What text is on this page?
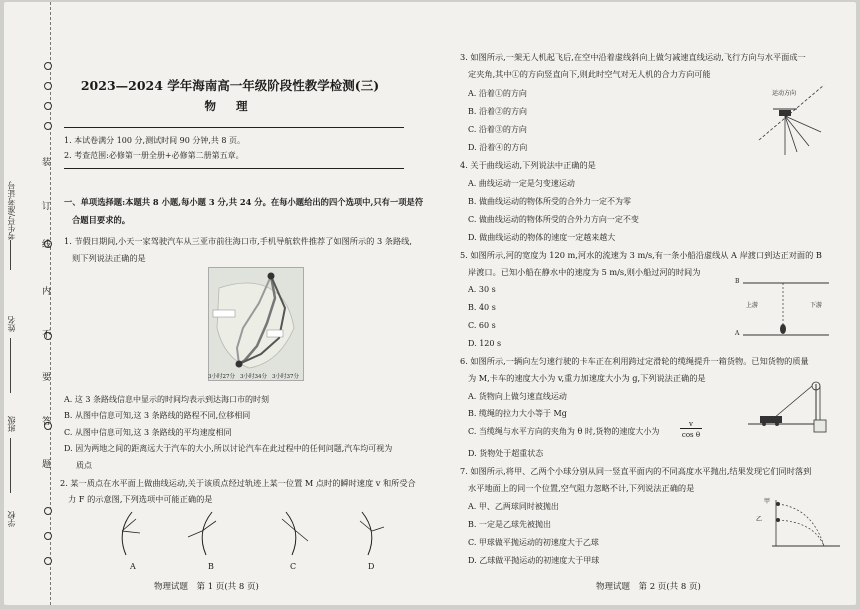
装
订
线
内
不
要
答
题
考生号/准考证号
姓名
班级
学校
2023—2024 学年海南高一年级阶段性教学检测(三)
物 理

1. 本试卷满分 100 分,测试时间 90 分钟,共 8 页。

2. 考查范围:必修第一册全册+必修第二册第五章。

一、单项选择题:本题共 8 小题,每小题 3 分,共 24 分。在每小题给出的四个选项中,只有一项是符
合题目要求的。
1. 节假日期间,小天一家驾驶汽车从三亚市前往海口市,手机导航软件推荐了如图所示的 3 条路线,
则下列说法正确的是
3小时27分 3小时34分 3小时37分
A. 这 3 条路线信息中显示的时间均表示到达海口市的时刻
B. 从图中信息可知,这 3 条路线的路程不同,位移相同
C. 从图中信息可知,这 3 条路线的平均速度相同
D. 因为两地之间的距离远大于汽车的大小,所以讨论汽车在此过程中的任何问题,汽车均可视为
质点
2. 某一质点在水平面上做曲线运动,关于该质点经过轨迹上某一位置 M 点时的瞬时速度 v 和所受合
力 F 的示意图,下列选项中可能正确的是
A	B	C	D
物理试题　第 1 页(共 8 页)
3. 如图所示,一架无人机起飞后,在空中沿着虚线斜向上做匀减速直线运动,飞行方向与水平面成一
定夹角,其中①的方向竖直向下,则此时空气对无人机的合力方向可能
A. 沿着①的方向
B. 沿着②的方向
C. 沿着③的方向
D. 沿着④的方向
运动方向
4. 关于曲线运动,下列说法中正确的是
A. 曲线运动一定是匀变速运动
B. 做曲线运动的物体所受的合外力一定不为零
C. 做曲线运动的物体所受的合外力方向一定不变
D. 做曲线运动的物体的速度一定越来越大
5. 如图所示,河的宽度为 120 m,河水的流速为 3 m/s,有一条小船沿虚线从 A 岸渡口到达正对面的 B
岸渡口。已知小船在静水中的速度为 5 m/s,则小船过河的时间为
A. 30 s
B. 40 s
C. 60 s
D. 120 s
B
A
上游	下游
6. 如图所示,一辆向左匀速行驶的卡车正在利用跨过定滑轮的缆绳提升一箱货物。已知货物的质量
为 M,卡车的速度大小为 v,重力加速度大小为 g,下列说法正确的是
A. 货物向上做匀速直线运动
B. 缆绳的拉力大小等于 Mg
C. 当缆绳与水平方向的夹角为 θ 时,货物的速度大小为
v
cos θ
D. 货物处于超重状态
7. 如图所示,将甲、乙两个小球分别从同一竖直平面内的不同高度水平抛出,结果发现它们同时落到
水平地面上的同一个位置,空气阻力忽略不计,下列说法正确的是
A. 甲、乙两球同时被抛出
B. 一定是乙球先被抛出
C. 甲球做平抛运动的初速度大于乙球
D. 乙球做平抛运动的初速度大于甲球
甲
乙
物理试题　第 2 页(共 8 页)
